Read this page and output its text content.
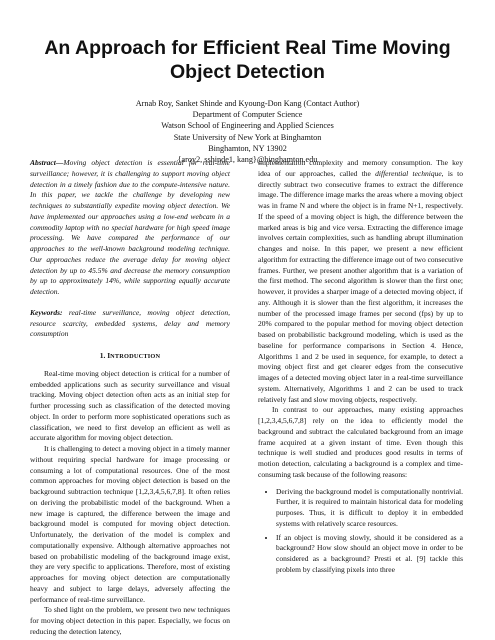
An Approach for Efficient Real Time Moving Object Detection
Arnab Roy, Sanket Shinde and Kyoung-Don Kang (Contact Author)
Department of Computer Science
Watson School of Engineering and Applied Sciences
State University of New York at Binghamton
Binghamton, NY 13902
{aroy2, sshinde1, kang}@binghamton.edu

Abstract—Moving object detection is essential for real-time surveillance; however, it is challenging to support moving object detection in a timely fashion due to the compute-intensive nature. In this paper, we tackle the challenge by developing new techniques to substantially expedite moving object detection. We have implemented our approaches using a low-end webcam in a commodity laptop with no special hardware for high speed image processing. We have compared the performance of our approaches to the well-known background modeling technique. Our approaches reduce the average delay for moving object detection by up to 45.5% and decrease the memory consumption by up to approximately 14%, while supporting equally accurate detection.

Keywords: real-time surveillance, moving object detection, resource scarcity, embedded systems, delay and memory consumption

1. INTRODUCTION

Real-time moving object detection is critical for a number of embedded applications such as security surveillance and visual tracking. Moving object detection often acts as an initial step for further processing such as classification of the detected moving object. In order to perform more sophisticated operations such as classification, we need to first develop an efficient as well as accurate algorithm for moving object detection.

It is challenging to detect a moving object in a timely manner without requiring special hardware for image processing or consuming a lot of computational resources. One of the most common approaches for moving object detection is based on the background subtraction technique [1,2,3,4,5,6,7,8]. It often relies on deriving the probabilistic model of the background. When a new image is captured, the difference between the image and background model is computed for moving object detection. Unfortunately, the derivation of the model is complex and computationally expensive. Although alternative approaches not based on probabilistic modeling of the background image exist, they are very specific to applications. Therefore, most of existing approaches for moving object detection are computationally heavy and subject to large delays, adversely affecting the performance of real-time surveillance.

To shed light on the problem, we present two new techniques for moving object detection in this paper. Especially, we focus on reducing the detection latency,

implementation complexity and memory consumption. The key idea of our approaches, called the differential technique, is to directly subtract two consecutive frames to extract the difference image. The difference image marks the areas where a moving object was in frame N and where the object is in frame N+1, respectively. If the speed of a moving object is high, the difference between the marked areas is big and vice versa. Extracting the difference image involves certain complexities, such as handling abrupt illumination changes and noise. In this paper, we present a new efficient algorithm for extracting the difference image out of two consecutive frames. Further, we present another algorithm that is a variation of the first method. The second algorithm is slower than the first one; however, it provides a sharper image of a detected moving object, if any. Although it is slower than the first algorithm, it increases the number of the processed image frames per second (fps) by up to 20% compared to the popular method for moving object detection based on probabilistic background modeling, which is used as the baseline for performance comparisons in Section 4. Hence, Algorithms 1 and 2 be used in sequence, for example, to detect a moving object first and get clearer edges from the consecutive images of a detected moving object later in a real-time surveillance system. Alternatively, Algorithms 1 and 2 can be used to track relatively fast and slow moving objects, respectively.

In contrast to our approaches, many existing approaches [1,2,3,4,5,6,7,8] rely on the idea to efficiently model the background and subtract the calculated background from an image frame acquired at a given instant of time. Even though this technique is well studied and produces good results in terms of motion detection, calculating a background is a complex and time-consuming task because of the following reasons:

• Deriving the background model is computationally nontrivial. Further, it is required to maintain historical data for modeling purposes. Thus, it is difficult to deploy it in embedded systems with relatively scarce resources.
• If an object is moving slowly, should it be considered as a background? How slow should an object move in order to be considered as a background? Presti et al. [9] tackle this problem by classifying pixels into three
